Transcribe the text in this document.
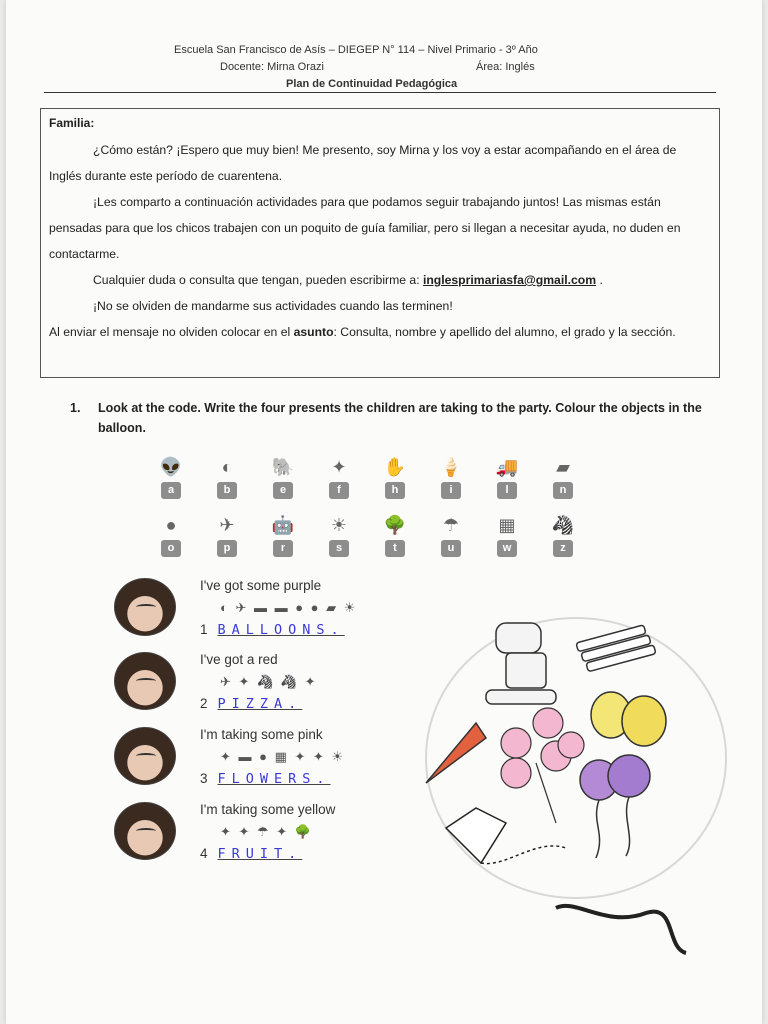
Escuela San Francisco de Asís – DIEGEP N° 114 – Nivel Primario - 3º Año
Docente: Mirna Orazi	Área: Inglés
Plan de Continuidad Pedagógica
Familia:

¿Cómo están? ¡Espero que muy bien! Me presento, soy Mirna y los voy a estar acompañando en el área de Inglés durante este período de cuarentena.

¡Les comparto a continuación actividades para que podamos seguir trabajando juntos! Las mismas están pensadas para que los chicos trabajen con un poquito de guía familiar, pero si llegan a necesitar ayuda, no duden en contactarme.

Cualquier duda o consulta que tengan, pueden escribirme a: inglesprimariasfa@gmail.com .

¡No se olviden de mandarme sus actividades cuando las terminen!

Al enviar el mensaje no olviden colocar en el asunto: Consulta, nombre y apellido del alumno, el grado y la sección.

1. Look at the code. Write the four presents the children are taking to the party. Colour the objects in the balloon.
👽
a
◐
b
🐘
e
✦
f
✋
h
🍦
i
🚚
l
▰
n
●
o
✈
p
🤖
r
☀
s
🌳
t
☂
u
▦
w
🦓
z
I've got some purple
◐ ✈ ▬ ▬ ● ● ▰ ☀
1 BALLOONS.
I've got a red
✈ ✦ 🦓 🦓 ✦
2 PIZZA.
I'm taking some pink
✦ ▬ ● ▦ ✦ ✦ ☀
3 FLOWERS.
I'm taking some yellow
✦ ✦ ☂ ✦ 🌳
4 FRUIT.
